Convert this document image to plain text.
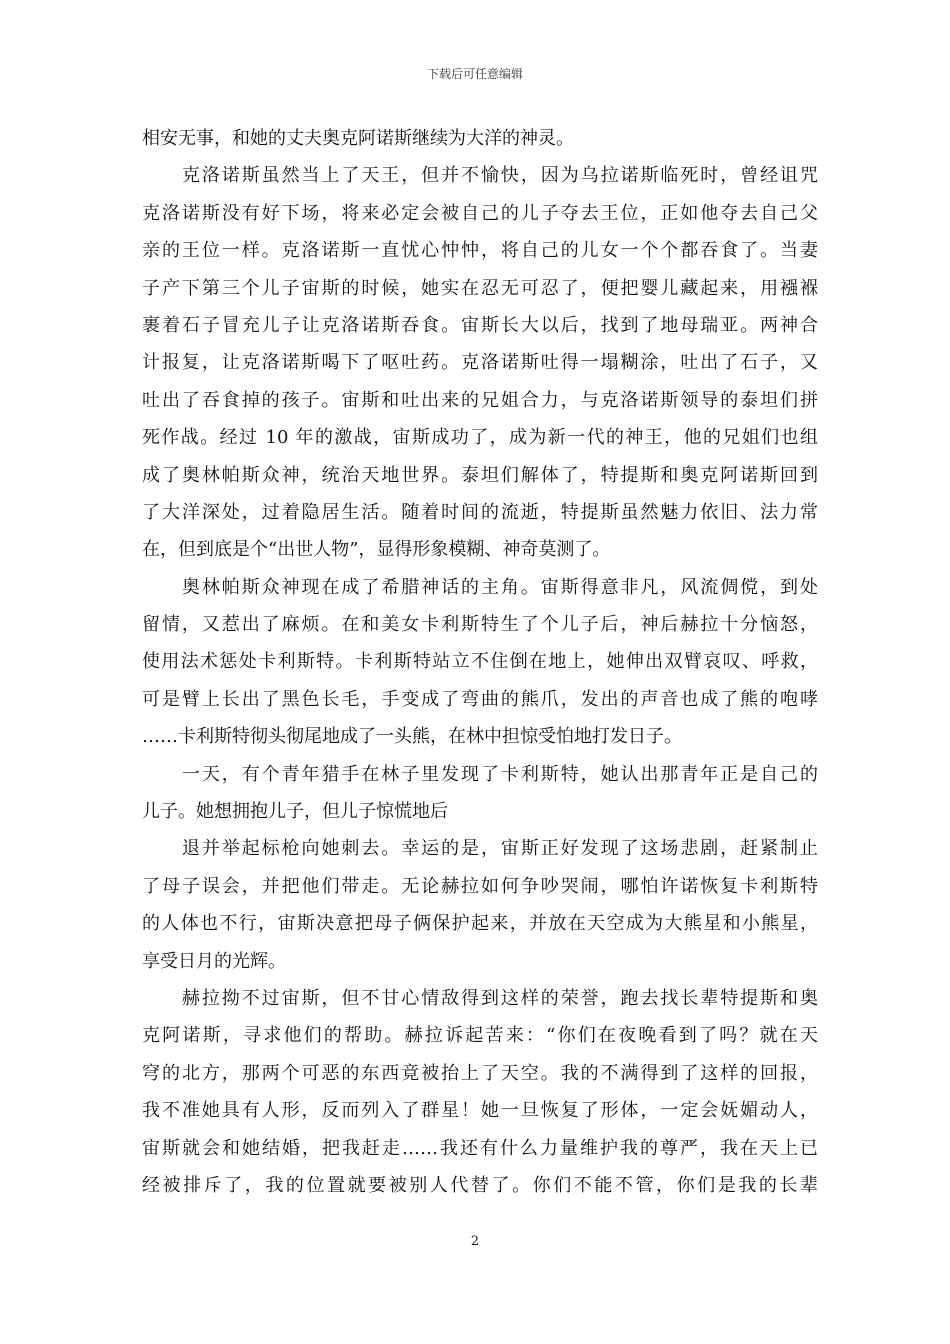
下载后可任意编辑
相安无事，和她的丈夫奥克阿诺斯继续为大洋的神灵。
　　克洛诺斯虽然当上了天王，但并不愉快，因为乌拉诺斯临死时，曾经诅咒
克洛诺斯没有好下场，将来必定会被自己的儿子夺去王位，正如他夺去自己父
亲的王位一样。克洛诺斯一直忧心忡忡，将自己的儿女一个个都吞食了。当妻
子产下第三个儿子宙斯的时候，她实在忍无可忍了，便把婴儿藏起来，用襁褓
裹着石子冒充儿子让克洛诺斯吞食。宙斯长大以后，找到了地母瑞亚。两神合
计报复，让克洛诺斯喝下了呕吐药。克洛诺斯吐得一塌糊涂，吐出了石子，又
吐出了吞食掉的孩子。宙斯和吐出来的兄姐合力，与克洛诺斯领导的泰坦们拼
死作战。经过 10 年的激战，宙斯成功了，成为新一代的神王，他的兄姐们也组
成了奥林帕斯众神，统治天地世界。泰坦们解体了，特提斯和奥克阿诺斯回到
了大洋深处，过着隐居生活。随着时间的流逝，特提斯虽然魅力依旧、法力常
在，但到底是个“出世人物”，显得形象模糊、神奇莫测了。
　　奥林帕斯众神现在成了希腊神话的主角。宙斯得意非凡，风流倜傥，到处
留情，又惹出了麻烦。在和美女卡利斯特生了个儿子后，神后赫拉十分恼怒，
使用法术惩处卡利斯特。卡利斯特站立不住倒在地上，她伸出双臂哀叹、呼救，
可是臂上长出了黑色长毛，手变成了弯曲的熊爪，发出的声音也成了熊的咆哮
……卡利斯特彻头彻尾地成了一头熊，在林中担惊受怕地打发日子。
　　一天，有个青年猎手在林子里发现了卡利斯特，她认出那青年正是自己的
儿子。她想拥抱儿子，但儿子惊慌地后
　　退并举起标枪向她刺去。幸运的是，宙斯正好发现了这场悲剧，赶紧制止
了母子误会，并把他们带走。无论赫拉如何争吵哭闹，哪怕许诺恢复卡利斯特
的人体也不行，宙斯决意把母子俩保护起来，并放在天空成为大熊星和小熊星，
享受日月的光辉。
　　赫拉拗不过宙斯，但不甘心情敌得到这样的荣誉，跑去找长辈特提斯和奥
克阿诺斯，寻求他们的帮助。赫拉诉起苦来：“你们在夜晚看到了吗？就在天
穹的北方，那两个可恶的东西竟被抬上了天空。我的不满得到了这样的回报，
我不准她具有人形，反而列入了群星！她一旦恢复了形体，一定会妩媚动人，
宙斯就会和她结婚，把我赶走……我还有什么力量维护我的尊严，我在天上已
经被排斥了，我的位置就要被别人代替了。你们不能不管，你们是我的长辈
2
